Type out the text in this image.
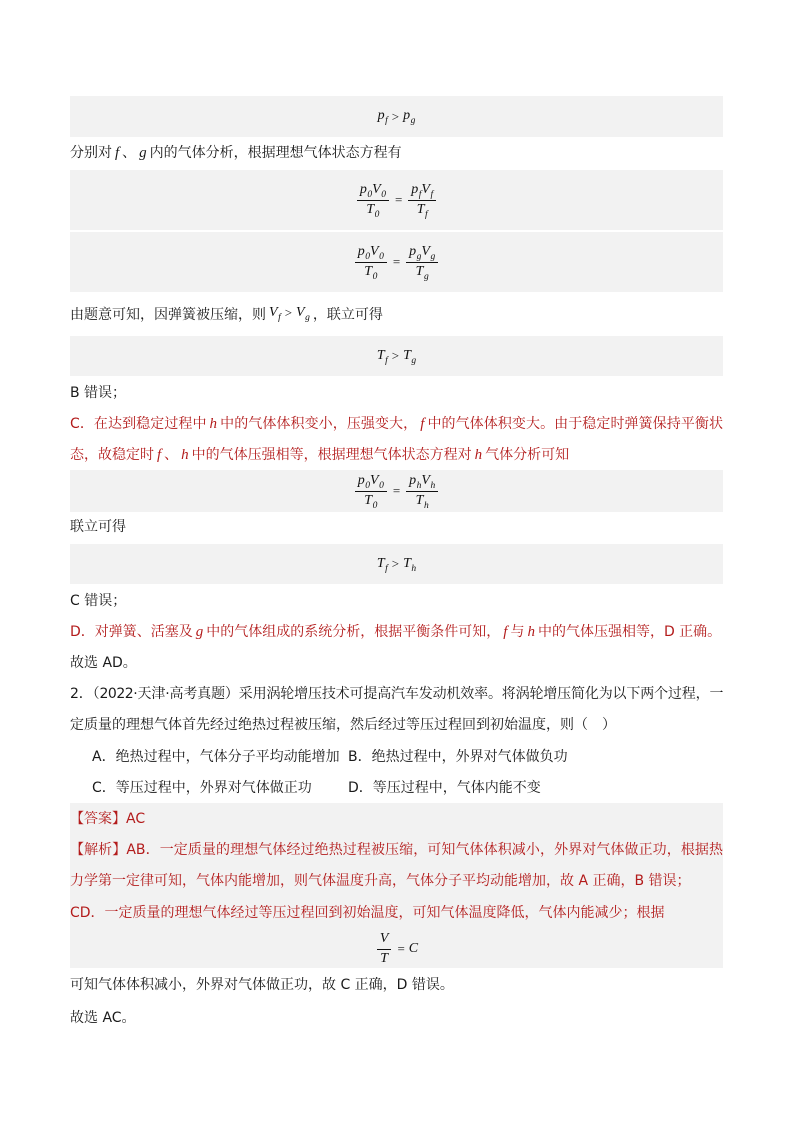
pf > pg
分别对 f 、 g 内的气体分析，根据理想气体状态方程有
$\frac{p0V0}{T0} = \frac{\text{pfVf}}{Tf}$
$\frac{p0V0}{T0} = \frac{\text{pgVg}}{Tg}$
由题意可知，因弹簧被压缩，则 Vf > Vg ，联立可得
Tf > Tg
B 错误；
C．在达到稳定过程中 h 中的气体体积变小，压强变大， f 中的气体体积变大。由于稳定时弹簧保持平衡状
态，故稳定时 f 、 h 中的气体压强相等，根据理想气体状态方程对 h 气体分析可知
$\frac{p0V0}{T0} = \frac{\text{phVh}}{Th}$
联立可得
Tf > Th
C 错误；
D．对弹簧、活塞及 g 中的气体组成的系统分析，根据平衡条件可知， f 与 h 中的气体压强相等，D 正确。
故选 AD。
2．（2022·天津·高考真题）采用涡轮增压技术可提高汽车发动机效率。将涡轮增压简化为以下两个过程，一
定质量的理想气体首先经过绝热过程被压缩，然后经过等压过程回到初始温度，则（　）
A．绝热过程中，气体分子平均动能增加 B．绝热过程中，外界对气体做负功
C．等压过程中，外界对气体做正功	D．等压过程中，气体内能不变
【答案】AC
【解析】AB．一定质量的理想气体经过绝热过程被压缩，可知气体体积减小，外界对气体做正功，根据热
力学第一定律可知，气体内能增加，则气体温度升高，气体分子平均动能增加，故 A 正确，B 错误；
CD．一定质量的理想气体经过等压过程回到初始温度，可知气体温度降低，气体内能减少；根据
$\frac{V}{T} = C$
可知气体体积减小，外界对气体做正功，故 C 正确，D 错误。
故选 AC。
